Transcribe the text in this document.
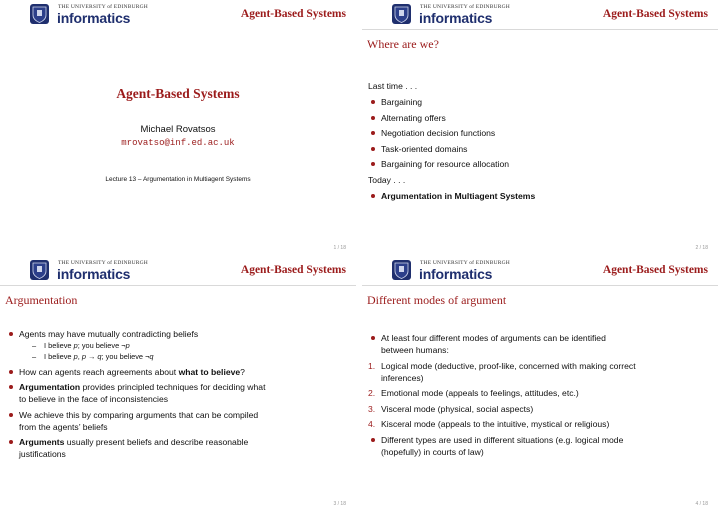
THE UNIVERSITY of EDINBURGH
informatics	Agent-Based Systems
Agent-Based Systems
Michael Rovatsos
mrovatso@inf.ed.ac.uk
Lecture 13 – Argumentation in Multiagent Systems
1 / 18
THE UNIVERSITY of EDINBURGH
informatics	Agent-Based Systems
Where are we?
Last time . . .
Bargaining
Alternating offers
Negotiation decision functions
Task-oriented domains
Bargaining for resource allocation
Today . . .
Argumentation in Multiagent Systems
2 / 18
THE UNIVERSITY of EDINBURGH
informatics	Agent-Based Systems
Argumentation
Agents may have mutually contradicting beliefs
– I believe p; you believe ¬p
– I believe p, p → q; you believe ¬q
How can agents reach agreements about what to believe?
Argumentation provides principled techniques for deciding what
to believe in the face of inconsistencies
We achieve this by comparing arguments that can be compiled
from the agents’ beliefs
Arguments usually present beliefs and describe reasonable
justifications
3 / 18
THE UNIVERSITY of EDINBURGH
informatics	Agent-Based Systems
Different modes of argument
At least four different modes of arguments can be identified
between humans:
1. Logical mode (deductive, proof-like, concerned with making correct
inferences)
2. Emotional mode (appeals to feelings, attitudes, etc.)
3. Visceral mode (physical, social aspects)
4. Kisceral mode (appeals to the intuitive, mystical or religious)
Different types are used in different situations (e.g. logical mode
(hopefully) in courts of law)
4 / 18
